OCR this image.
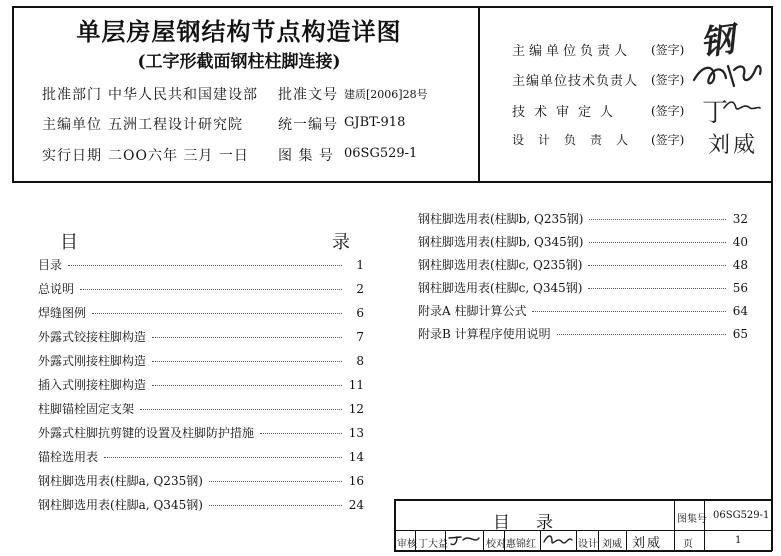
单层房屋钢结构节点构造详图
(工字形截面钢柱柱脚连接)
批准部门 中华人民共和国建设部 批准文号 建质[2006]28号
主编单位 五洲工程设计研究院	统一编号 GJBT-918
实行日期 二OO六年 三月 一日 图 集 号 06SG529-1
主编单位负责人 (签字) 钢
主编单位技术负责人 (签字)
技术审定人 (签字) 丁
设计负责人 (签字) 刘威
目	录
目录	1
总说明	2
焊缝图例	6
外露式铰接柱脚构造	7
外露式刚接柱脚构造	8
插入式刚接柱脚构造	11
柱脚锚栓固定支架	12
外露式柱脚抗剪键的设置及柱脚防护措施	13
锚栓选用表	14
钢柱脚选用表(柱脚a, Q235钢)	16
钢柱脚选用表(柱脚a, Q345钢)	24
钢柱脚选用表(柱脚b, Q235钢)	32
钢柱脚选用表(柱脚b, Q345钢)	40
钢柱脚选用表(柱脚c, Q235钢)	48
钢柱脚选用表(柱脚c, Q345钢)	56
附录A 柱脚计算公式	64
附录B 计算程序使用说明	65
目录	图集号 06SG529-1
审核 丁大益	校对 惠锦红	设计 刘威 刘威 页	1
